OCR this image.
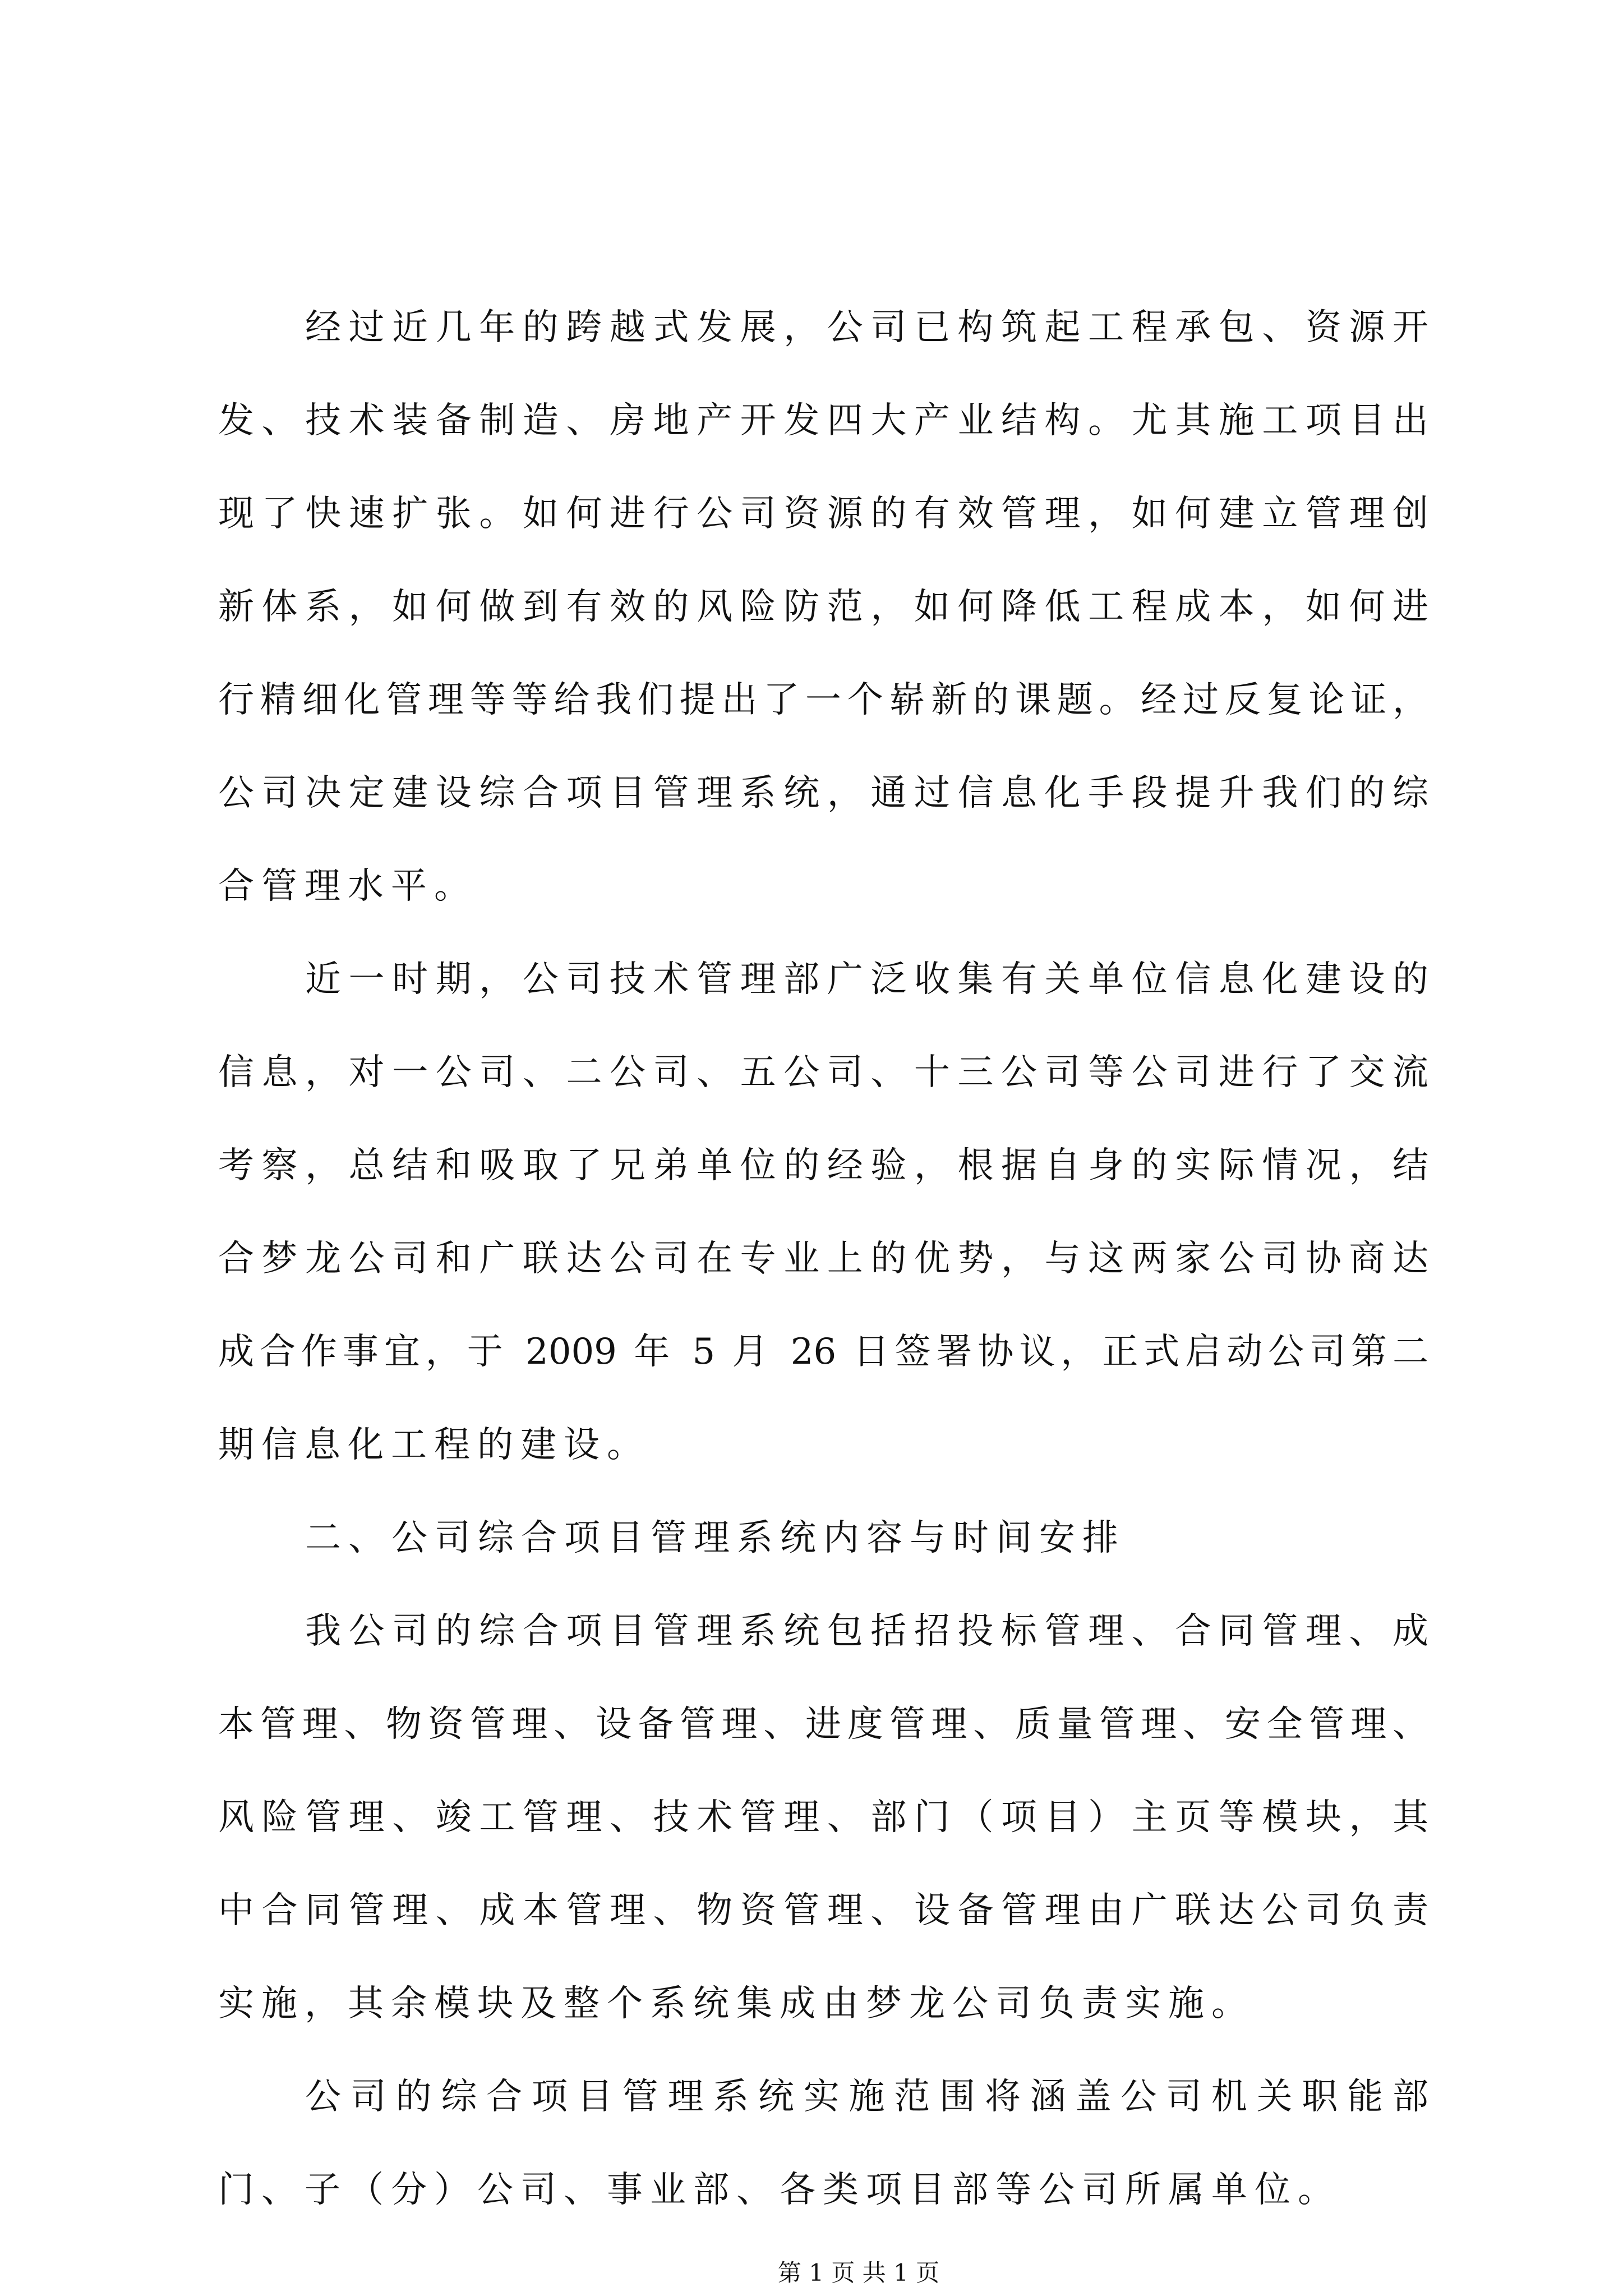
经过近几年的跨越式发展，公司已构筑起工程承包、资源开
发、技术装备制造、房地产开发四大产业结构。尤其施工项目出
现了快速扩张。如何进行公司资源的有效管理，如何建立管理创
新体系，如何做到有效的风险防范，如何降低工程成本，如何进
行精细化管理等等给我们提出了一个崭新的课题。经过反复论证，
公司决定建设综合项目管理系统，通过信息化手段提升我们的综
合管理水平。
近一时期，公司技术管理部广泛收集有关单位信息化建设的
信息，对一公司、二公司、五公司、十三公司等公司进行了交流
考察，总结和吸取了兄弟单位的经验，根据自身的实际情况，结
合梦龙公司和广联达公司在专业上的优势，与这两家公司协商达
成合作事宜，于 2009 年 5 月 26 日签署协议，正式启动公司第二
期信息化工程的建设。
二、公司综合项目管理系统内容与时间安排
我公司的综合项目管理系统包括招投标管理、合同管理、成
本管理、物资管理、设备管理、进度管理、质量管理、安全管理、
风险管理、竣工管理、技术管理、部门（项目）主页等模块，其
中合同管理、成本管理、物资管理、设备管理由广联达公司负责
实施，其余模块及整个系统集成由梦龙公司负责实施。
公司的综合项目管理系统实施范围将涵盖公司机关职能部
门、子（分）公司、事业部、各类项目部等公司所属单位。
第 1 页 共 1 页
